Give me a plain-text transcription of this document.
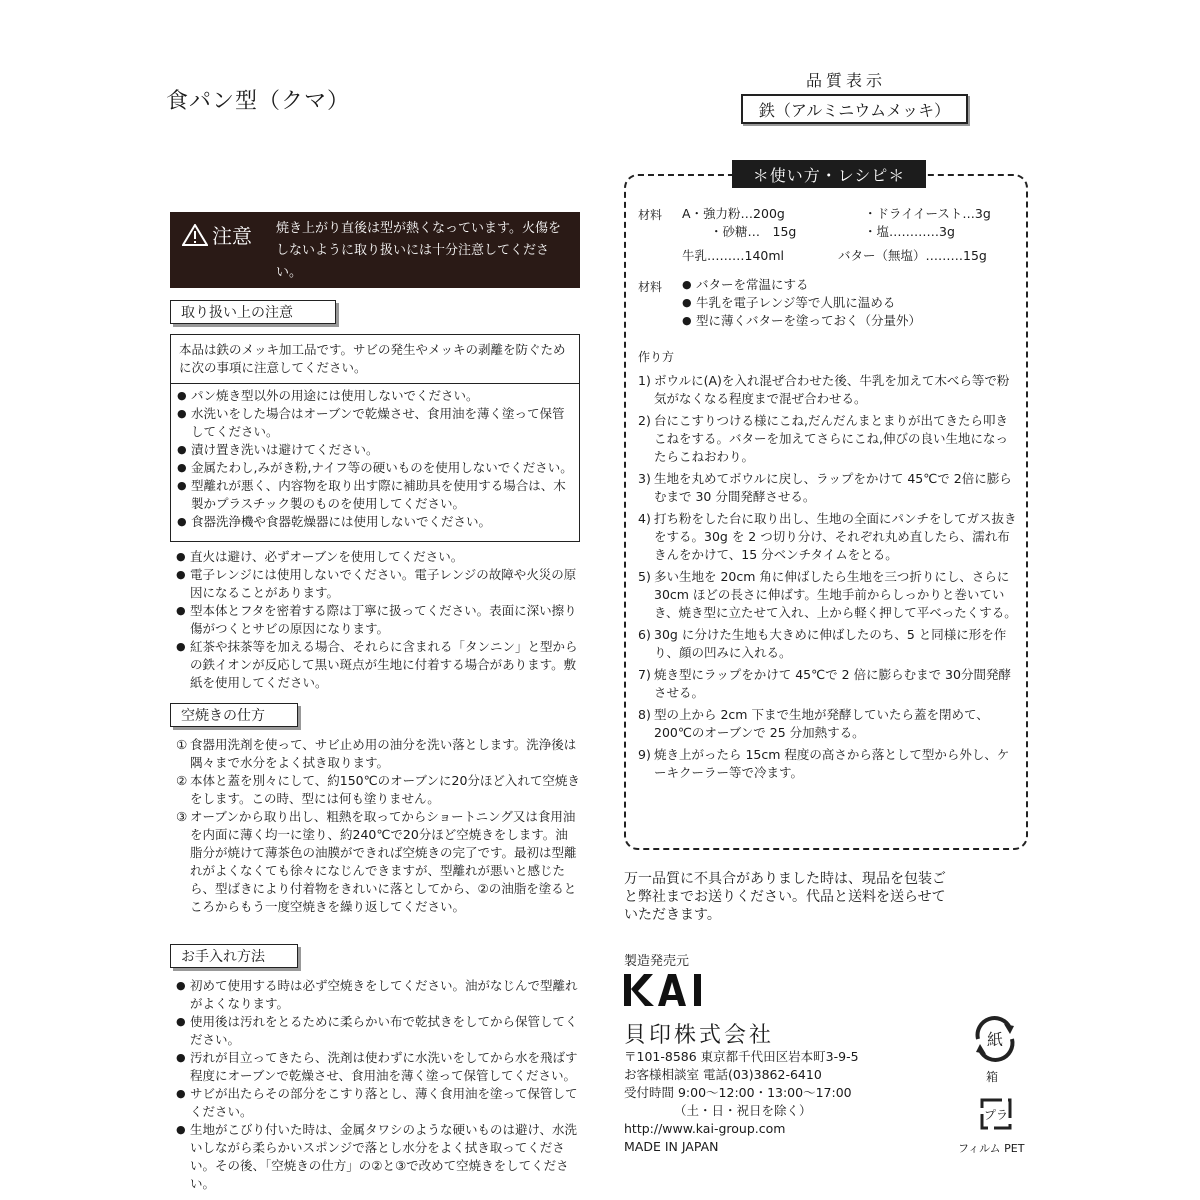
食パン型（クマ）
品質表示
鉄（アルミニウムメッキ）
注意 焼き上がり直後は型が熱くなっています。火傷をしないように取り扱いには十分注意してください。
取り扱い上の注意
本品は鉄のメッキ加工品です。サビの発生やメッキの剥離を防ぐために次の事項に注意してください。
● パン焼き型以外の用途には使用しないでください。
● 水洗いをした場合はオーブンで乾燥させ、食用油を薄く塗って保管してください。
● 漬け置き洗いは避けてください。
● 金属たわし,みがき粉,ナイフ等の硬いものを使用しないでください。
● 型離れが悪く、内容物を取り出す際に補助具を使用する場合は、木製かプラスチック製のものを使用してください。
● 食器洗浄機や食器乾燥器には使用しないでください。
● 直火は避け、必ずオーブンを使用してください。
● 電子レンジには使用しないでください。電子レンジの故障や火災の原因になることがあります。
● 型本体とフタを密着する際は丁寧に扱ってください。表面に深い擦り傷がつくとサビの原因になります。
● 紅茶や抹茶等を加える場合、それらに含まれる「タンニン」と型からの鉄イオンが反応して黒い斑点が生地に付着する場合があります。敷紙を使用してください。
空焼きの仕方
① 食器用洗剤を使って、サビ止め用の油分を洗い落とします。洗浄後は隅々まで水分をよく拭き取ります。
② 本体と蓋を別々にして、約150℃のオーブンに20分ほど入れて空焼きをします。この時、型には何も塗りません。
③ オーブンから取り出し、粗熱を取ってからショートニング又は食用油を内面に薄く均一に塗り、約240℃で20分ほど空焼きをします。油脂分が焼けて薄茶色の油膜ができれば空焼きの完了です。最初は型離れがよくなくても徐々になじんできますが、型離れが悪いと感じたら、型ばきにより付着物をきれいに落としてから、②の油脂を塗るところからもう一度空焼きを繰り返してください。
お手入れ方法
● 初めて使用する時は必ず空焼きをしてください。油がなじんで型離れがよくなります。
● 使用後は汚れをとるために柔らかい布で乾拭きをしてから保管してください。
● 汚れが目立ってきたら、洗剤は使わずに水洗いをしてから水を飛ばす程度にオーブンで乾燥させ、食用油を薄く塗って保管してください。
● サビが出たらその部分をこすり落とし、薄く食用油を塗って保管してください。
● 生地がこびり付いた時は、金属タワシのような硬いものは避け、水洗いしながら柔らかいスポンジで落とし水分をよく拭き取ってください。その後、「空焼きの仕方」の②と③で改めて空焼きをしてください。
＊使い方・レシピ＊
材料 A・強力粉…200g	・ドライイースト…3g
・砂糖…　15g	・塩…………3g
牛乳………140ml	バター（無塩）………15g
材料
●	バターを常温にする
● 牛乳を電子レンジ等で人肌に温める
● 型に薄くバターを塗っておく（分量外）
作り方
1) ボウルに(A)を入れ混ぜ合わせた後、牛乳を加えて木べら等で粉気がなくなる程度まで混ぜ合わせる。
2) 台にこすりつける様にこね,だんだんまとまりが出てきたら叩きこねをする。バターを加えてさらにこね,伸びの良い生地になったらこねおわり。
3) 生地を丸めてボウルに戻し、ラップをかけて 45℃で 2倍に膨らむまで 30 分間発酵させる。
4) 打ち粉をした台に取り出し、生地の全面にパンチをしてガス抜きをする。30g を 2 つ切り分け、それぞれ丸め直したら、濡れ布きんをかけて、15 分ベンチタイムをとる。
5) 多い生地を 20cm 角に伸ばしたら生地を三つ折りにし、さらに 30cm ほどの長さに伸ばす。生地手前からしっかりと巻いていき、焼き型に立たせて入れ、上から軽く押して平べったくする。
6) 30g に分けた生地も大きめに伸ばしたのち、5 と同様に形を作り、顔の凹みに入れる。
7) 焼き型にラップをかけて 45℃で 2 倍に膨らむまで 30分間発酵させる。
8) 型の上から 2cm 下まで生地が発酵していたら蓋を閉めて、200℃のオーブンで 25 分加熱する。
9) 焼き上がったら 15cm 程度の高さから落として型から外し、ケーキクーラー等で冷ます。
万一品質に不具合がありました時は、現品を包装ごと弊社までお送りください。代品と送料を送らせていただきます。
製造発売元
貝印株式会社
〒101-8586 東京都千代田区岩本町3-9-5
お客様相談室 電話(03)3862-6410
受付時間 9:00～12:00・13:00～17:00
（土・日・祝日を除く）
http://www.kai-group.com
MADE IN JAPAN
紙
箱
プラ
フィルム PET
